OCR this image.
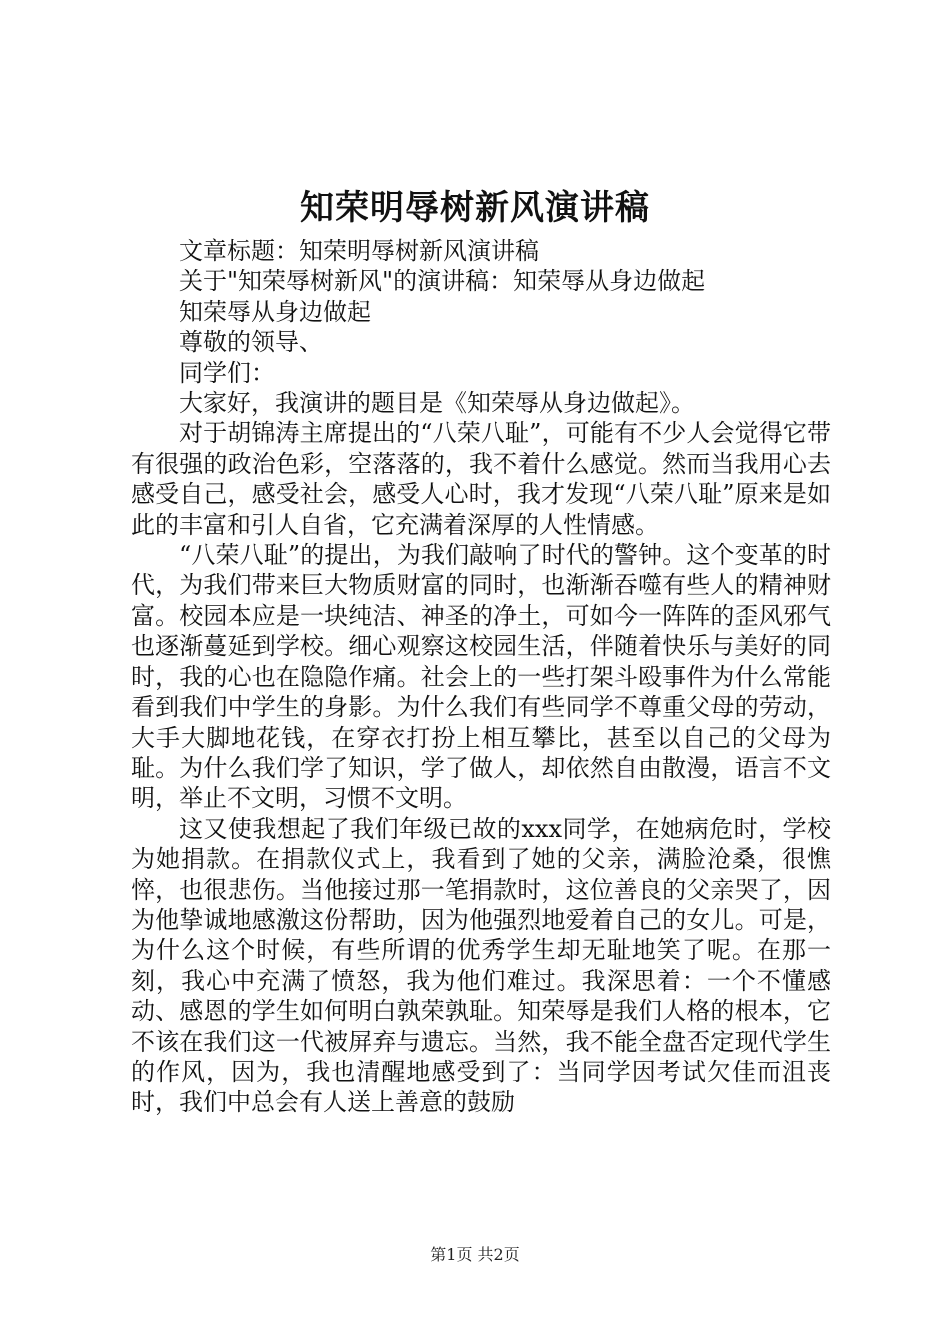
知荣明辱树新风演讲稿

文章标题：知荣明辱树新风演讲稿

关于"知荣辱树新风"的演讲稿：知荣辱从身边做起

知荣辱从身边做起

尊敬的领导、

同学们：

大家好，我演讲的题目是《知荣辱从身边做起》。

对于胡锦涛主席提出的“八荣八耻”，可能有不少人会觉得它带有很强的政治色彩，空落落的，我不着什么感觉。然而当我用心去感受自己，感受社会，感受人心时，我才发现“八荣八耻”原来是如此的丰富和引人自省，它充满着深厚的人性情感。

“八荣八耻”的提出，为我们敲响了时代的警钟。这个变革的时代，为我们带来巨大物质财富的同时，也渐渐吞噬有些人的精神财富。校园本应是一块纯洁、神圣的净土，可如今一阵阵的歪风邪气也逐渐蔓延到学校。细心观察这校园生活，伴随着快乐与美好的同时，我的心也在隐隐作痛。社会上的一些打架斗殴事件为什么常能看到我们中学生的身影。为什么我们有些同学不尊重父母的劳动，大手大脚地花钱，在穿衣打扮上相互攀比，甚至以自己的父母为耻。为什么我们学了知识，学了做人，却依然自由散漫，语言不文明，举止不文明，习惯不文明。

这又使我想起了我们年级已故的xxx同学，在她病危时，学校为她捐款。在捐款仪式上，我看到了她的父亲，满脸沧桑，很憔悴，也很悲伤。当他接过那一笔捐款时，这位善良的父亲哭了，因为他挚诚地感激这份帮助，因为他强烈地爱着自己的女儿。可是，为什么这个时候，有些所谓的优秀学生却无耻地笑了呢。在那一刻，我心中充满了愤怒，我为他们难过。我深思着：一个不懂感动、感恩的学生如何明白孰荣孰耻。知荣辱是我们人格的根本，它不该在我们这一代被屏弃与遗忘。当然，我不能全盘否定现代学生的作风，因为，我也清醒地感受到了：当同学因考试欠佳而沮丧时，我们中总会有人送上善意的鼓励

第1页 共2页
